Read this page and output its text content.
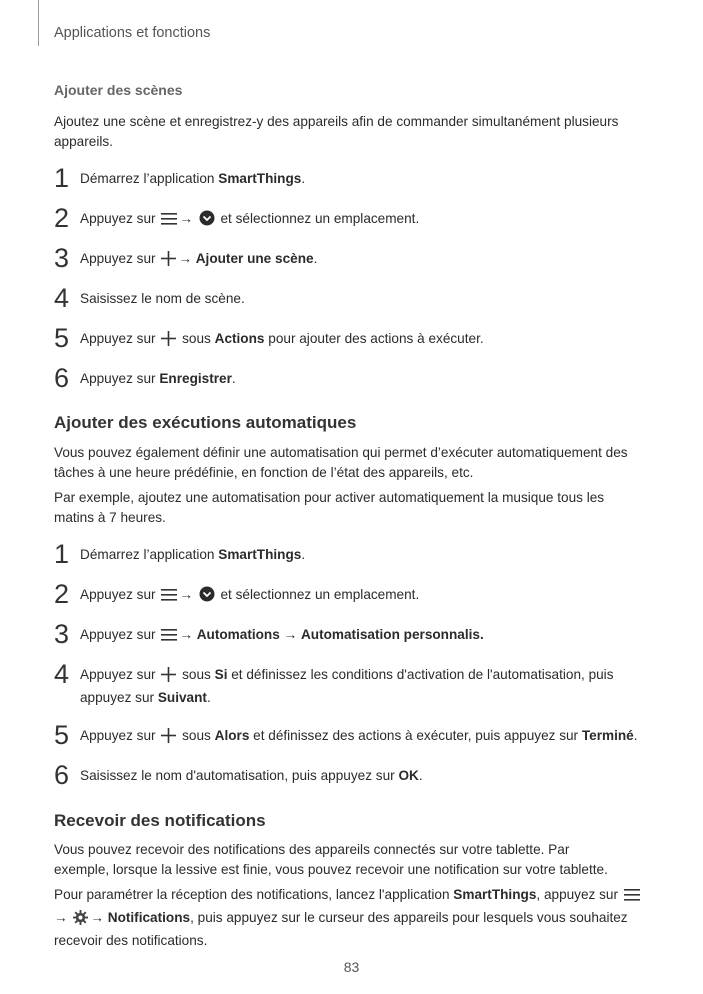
Applications et fonctions
Ajouter des scènes

Ajoutez une scène et enregistrez-y des appareils afin de commander simultanément plusieurs appareils.

1 Démarrez l’application SmartThings.
2 Appuyez sur →  et sélectionnez un emplacement.
3 Appuyez sur → Ajouter une scène.
4 Saisissez le nom de scène.
5 Appuyez sur  sous Actions pour ajouter des actions à exécuter.
6 Appuyez sur Enregistrer.
Ajouter des exécutions automatiques

Vous pouvez également définir une automatisation qui permet d’exécuter automatiquement des tâches à une heure prédéfinie, en fonction de l’état des appareils, etc.

Par exemple, ajoutez une automatisation pour activer automatiquement la musique tous les matins à 7 heures.

1 Démarrez l’application SmartThings.
2 Appuyez sur →  et sélectionnez un emplacement.
3 Appuyez sur → Automations → Automatisation personnalis.
4 Appuyez sur  sous Si et définissez les conditions d'activation de l'automatisation, puis appuyez sur Suivant.
5 Appuyez sur  sous Alors et définissez des actions à exécuter, puis appuyez sur Terminé.
6 Saisissez le nom d'automatisation, puis appuyez sur OK.
Recevoir des notifications

Vous pouvez recevoir des notifications des appareils connectés sur votre tablette. Par exemple, lorsque la lessive est finie, vous pouvez recevoir une notification sur votre tablette.

Pour paramétrer la réception des notifications, lancez l'application SmartThings, appuyez sur → → Notifications, puis appuyez sur le curseur des appareils pour lesquels vous souhaitez recevoir des notifications.

83
